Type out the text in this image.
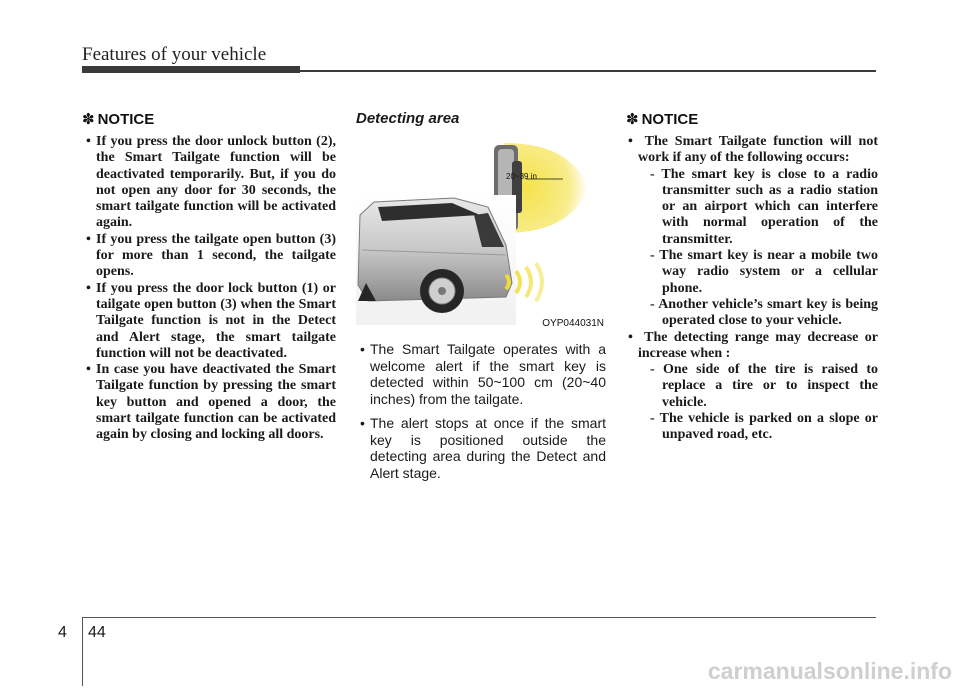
Features of your vehicle
✽ NOTICE
• If you press the door unlock button (2), the Smart Tailgate function will be deactivated temporarily. But, if you do not open any door for 30 seconds, the smart tailgate function will be activated again.
• If you press the tailgate open button (3) for more than 1 second, the tailgate opens.
• If you press the door lock button (1) or tailgate open button (3) when the Smart Tailgate function is not in the Detect and Alert stage, the smart tailgate function will not be deactivated.
• In case you have deactivated the Smart Tailgate function by pressing the smart key button and opened a door, the smart tailgate function can be activated again by closing and locking all doors.
Detecting area
20~39 in
OYP044031N
• The Smart Tailgate operates with a welcome alert if the smart key is detected within 50~100 cm (20~40 inches) from the tailgate.
• The alert stops at once if the smart key is positioned outside the detecting area during the Detect and Alert stage.
✽ NOTICE
• The Smart Tailgate function will not work if any of the following occurs:
- The smart key is close to a radio transmitter such as a radio station or an airport which can interfere with normal operation of the transmitter.
- The smart key is near a mobile two way radio system or a cellular phone.
- Another vehicle’s smart key is being operated close to your vehicle.
• The detecting range may decrease or increase when :
- One side of the tire is raised to replace a tire or to inspect the vehicle.
- The vehicle is parked on a slope or unpaved road, etc.
4 44
carmanualsonline.info
